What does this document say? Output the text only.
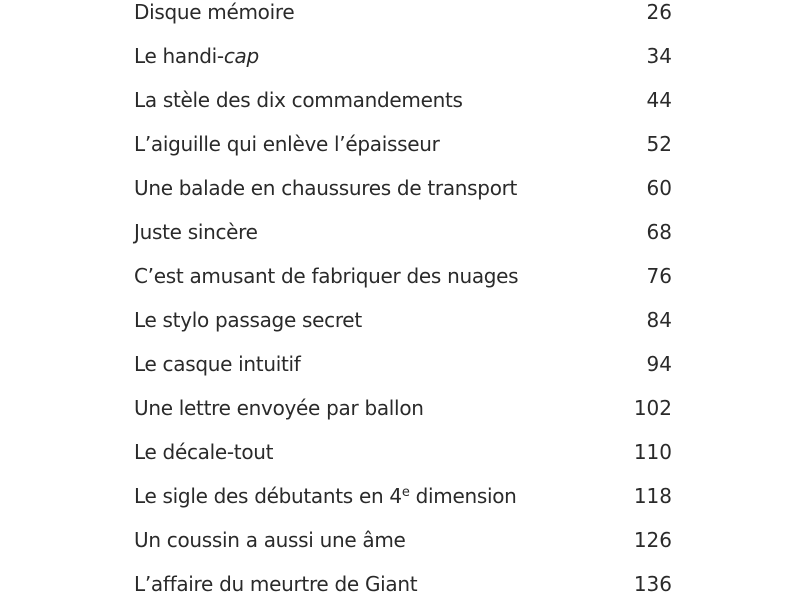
Disque mémoire	26
Le handi-cap	34
La stèle des dix commandements	44
L’aiguille qui enlève l’épaisseur	52
Une balade en chaussures de transport	60
Juste sincère	68
C’est amusant de fabriquer des nuages	76
Le stylo passage secret	84
Le casque intuitif	94
Une lettre envoyée par ballon	102
Le décale-tout	110
Le sigle des débutants en 4e dimension	118
Un coussin a aussi une âme	126
L’affaire du meurtre de Giant	136
